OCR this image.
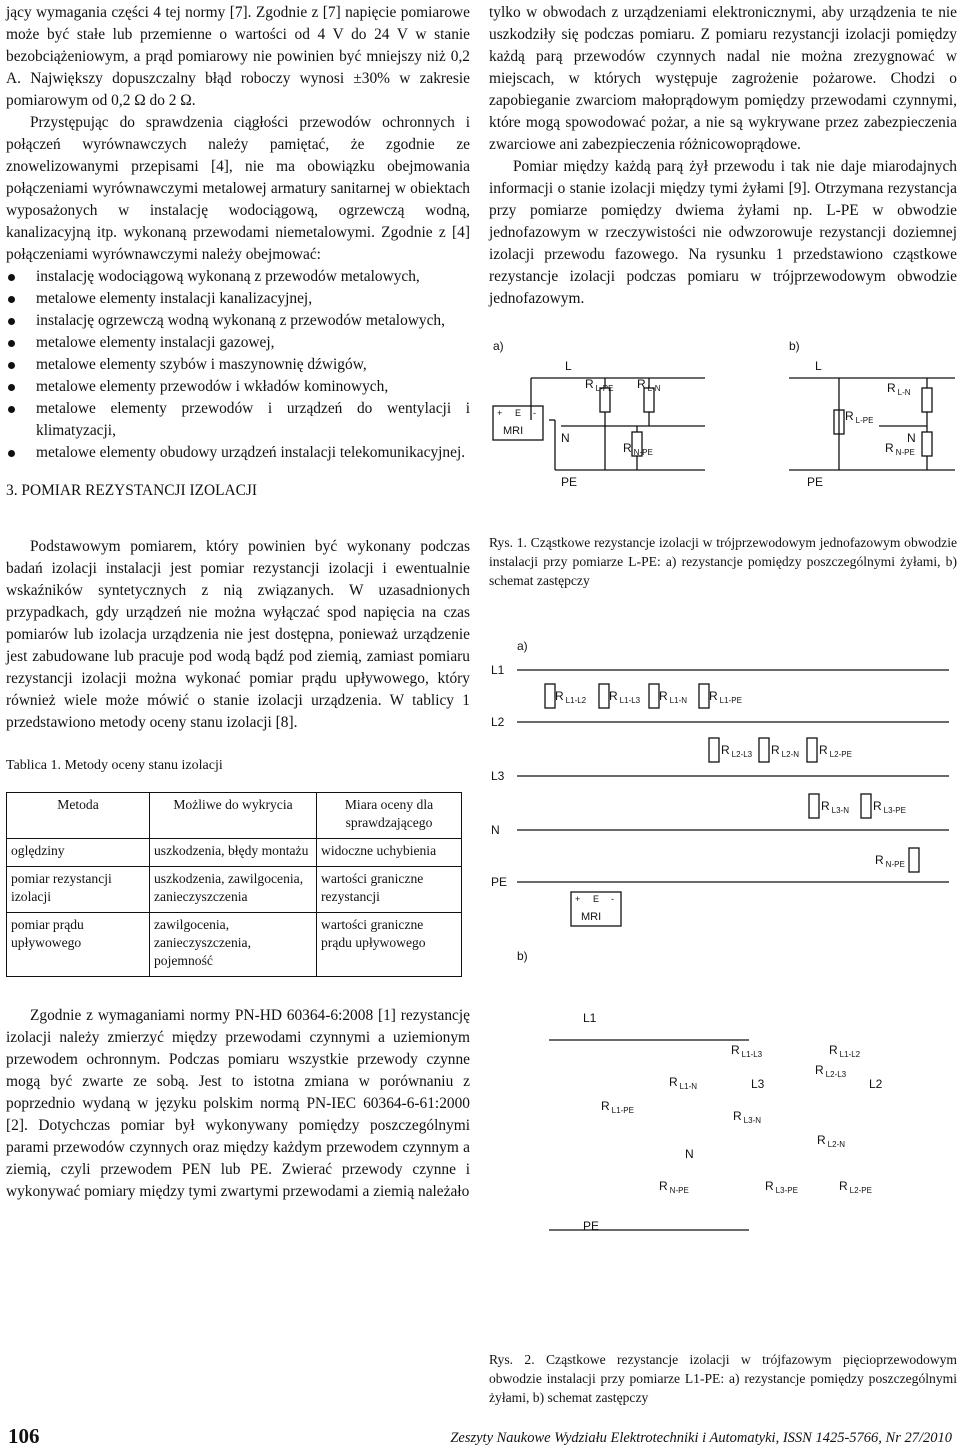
jący wymagania części 4 tej normy [7]. Zgodnie z [7] napięcie pomiarowe może być stałe lub przemienne o wartości od 4 V do 24 V w stanie bezobciążeniowym, a prąd pomiarowy nie powinien być mniejszy niż 0,2 A. Największy dopuszczalny błąd roboczy wynosi ±30% w zakresie pomiarowym od 0,2 Ω do 2 Ω.

Przystępując do sprawdzenia ciągłości przewodów ochronnych i połączeń wyrównawczych należy pamiętać, że zgodnie ze znowelizowanymi przepisami [4], nie ma obowiązku obejmowania połączeniami wyrównawczymi metalowej armatury sanitarnej w obiektach wyposażonych w instalację wodociągową, ogrzewczą wodną, kanalizacyjną itp. wykonaną przewodami niemetalowymi. Zgodnie z [4] połączeniami wyrównawczymi należy obejmować:

instalację wodociągową wykonaną z przewodów metalowych,
metalowe elementy instalacji kanalizacyjnej,
instalację ogrzewczą wodną wykonaną z przewodów metalowych,
metalowe elementy instalacji gazowej,
metalowe elementy szybów i maszynownię dźwigów,
metalowe elementy przewodów i wkładów kominowych,
metalowe elementy przewodów i urządzeń do wentylacji i klimatyzacji,
metalowe elementy obudowy urządzeń instalacji telekomunikacyjnej.
3. POMIAR REZYSTANCJI IZOLACJI

Podstawowym pomiarem, który powinien być wykonany podczas badań izolacji instalacji jest pomiar rezystancji izolacji i ewentualnie wskaźników syntetycznych z nią związanych. W uzasadnionych przypadkach, gdy urządzeń nie można wyłączać spod napięcia na czas pomiarów lub izolacja urządzenia nie jest dostępna, ponieważ urządzenie jest zabudowane lub pracuje pod wodą bądź pod ziemią, zamiast pomiaru rezystancji izolacji można wykonać pomiar prądu upływowego, który również wiele może mówić o stanie izolacji urządzenia. W tablicy 1 przedstawiono metody oceny stanu izolacji [8].

Tablica 1. Metody oceny stanu izolacji
Metoda	Możliwe do wykrycia	Miara oceny dla sprawdzającego
oględziny	uszkodzenia, błędy montażu	widoczne uchybienia
pomiar rezystancji izolacji	uszkodzenia, zawilgocenia, zanieczyszczenia	wartości graniczne rezystancji
pomiar prądu upływowego	zawilgocenia, zanieczyszczenia, pojemność	wartości graniczne prądu upływowego

Zgodnie z wymaganiami normy PN-HD 60364-6:2008 [1] rezystancję izolacji należy zmierzyć między przewodami czynnymi a uziemionym przewodem ochronnym. Podczas pomiaru wszystkie przewody czynne mogą być zwarte ze sobą. Jest to istotna zmiana w porównaniu z poprzednio wydaną w języku polskim normą PN-IEC 60364-6-61:2000 [2]. Dotychczas pomiar był wykonywany pomiędzy poszczególnymi parami przewodów czynnych oraz między każdym przewodem czynnym a ziemią, czyli przewodem PEN lub PE. Zwierać przewody czynne i wykonywać pomiary między tymi zwartymi przewodami a ziemią należało

tylko w obwodach z urządzeniami elektronicznymi, aby urządzenia te nie uszkodziły się podczas pomiaru. Z pomiaru rezystancji izolacji pomiędzy każdą parą przewodów czynnych nadal nie można zrezygnować w miejscach, w których występuje zagrożenie pożarowe. Chodzi o zapobieganie zwarciom małoprądowym pomiędzy przewodami czynnymi, które mogą spowodować pożar, a nie są wykrywane przez zabezpieczenia zwarciowe ani zabezpieczenia różnicowoprądowe.

Pomiar między każdą parą żył przewodu i tak nie daje miarodajnych informacji o stanie izolacji między tymi żyłami [9]. Otrzymana rezystancja przy pomiarze pomiędzy dwiema żyłami np. L-PE w obwodzie jednofazowym w rzeczywistości nie odwzorowuje rezystancji doziemnej izolacji przewodu fazowego. Na rysunku 1 przedstawiono cząstkowe rezystancje izolacji podczas pomiaru w trójprzewodowym obwodzie jednofazowym.

a)
L
N
PE
+ E -
MRI
R $_{L-PE}$ R $_{L-N}$
R $_{N-PE}$
b)
L
N
PE
R $_{L-PE}$
R $_{L-N}$
R $_{N-PE}$
Rys. 1. Cząstkowe rezystancje izolacji w trójprzewodowym jednofazowym obwodzie instalacji przy pomiarze L-PE: a) rezystancje pomiędzy poszczególnymi żyłami, b) schemat zastępczy
a)
L1
L2
L3
N
PE
R $_{L1-L2}$ R $_{L1-L3}$ R $_{L1-N}$ R $_{L1-PE}$
R $_{L2-L3}$ R $_{L2-N}$ R $_{L2-PE}$
R $_{L3-N}$ R $_{L3-PE}$
R $_{N-PE}$
+ E -
MRI
b)
L1
L3	L2
N
PE
R $_{L1-L3}$	R $_{L1-L2}$
R $_{L2-L3}$
R $_{L1-N}$
R $_{L1-PE}$	R $_{L3-N}$
R $_{L2-N}$
R $_{N-PE}$	R $_{L3-PE}$	R $_{L2-PE}$
Rys. 2. Cząstkowe rezystancje izolacji w trójfazowym pięcioprzewodowym obwodzie instalacji przy pomiarze L1-PE: a) rezystancje pomiędzy poszczególnymi żyłami, b) schemat zastępczy
106	Zeszyty Naukowe Wydziału Elektrotechniki i Automatyki, ISSN 1425-5766, Nr 27/2010
